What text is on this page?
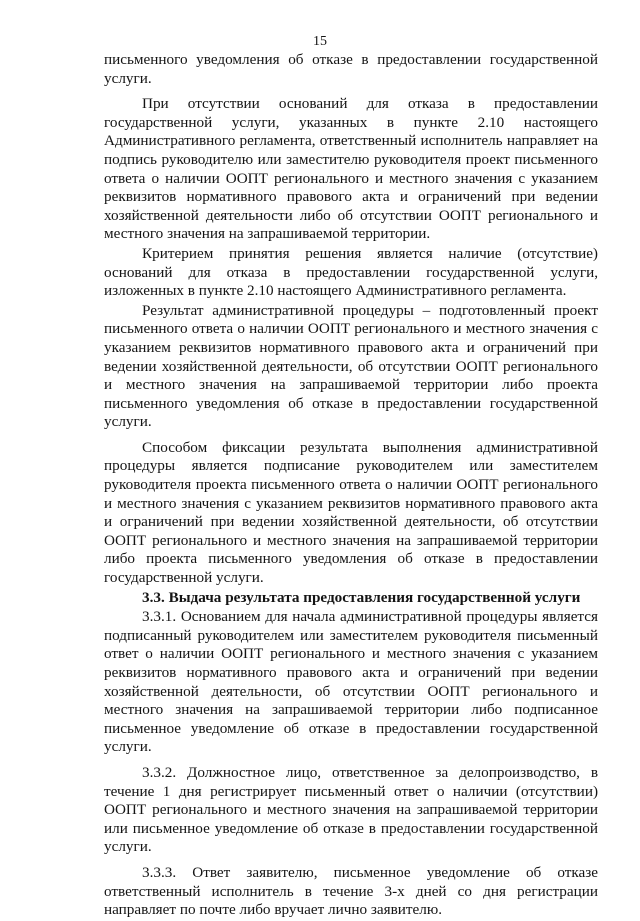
15

письменного уведомления об отказе в предоставлении государственной услуги.

При отсутствии оснований для отказа в предоставлении государственной услуги, указанных в пункте 2.10 настоящего Административного регламента, ответственный исполнитель направляет на подпись руководителю или заместителю руководителя проект письменного ответа о наличии ООПТ регионального и местного значения с указанием реквизитов нормативного правового акта и ограничений при ведении хозяйственной деятельности либо об отсутствии ООПТ регионального и местного значения на запрашиваемой территории.

Критерием принятия решения является наличие (отсутствие) оснований для отказа в предоставлении государственной услуги, изложенных в пункте 2.10 настоящего Административного регламента.

Результат административной процедуры – подготовленный проект письменного ответа о наличии ООПТ регионального и местного значения с указанием реквизитов нормативного правового акта и ограничений при ведении хозяйственной деятельности, об отсутствии ООПТ регионального и местного значения на запрашиваемой территории либо проекта письменного уведомления об отказе в предоставлении государственной услуги.

Способом фиксации результата выполнения административной процедуры является подписание руководителем или заместителем руководителя проекта письменного ответа о наличии ООПТ регионального и местного значения с указанием реквизитов нормативного правового акта и ограничений при ведении хозяйственной деятельности, об отсутствии ООПТ регионального и местного значения на запрашиваемой территории либо проекта письменного уведомления об отказе в предоставлении государственной услуги.

3.3. Выдача результата предоставления государственной услуги

3.3.1. Основанием для начала административной процедуры является подписанный руководителем или заместителем руководителя письменный ответ о наличии ООПТ регионального и местного значения с указанием реквизитов нормативного правового акта и ограничений при ведении хозяйственной деятельности, об отсутствии ООПТ регионального и местного значения на запрашиваемой территории либо подписанное письменное уведомление об отказе в предоставлении государственной услуги.

3.3.2. Должностное лицо, ответственное за делопроизводство, в течение 1 дня регистрирует письменный ответ о наличии (отсутствии) ООПТ регионального и местного значения на запрашиваемой территории или письменное уведомление об отказе в предоставлении государственной услуги.

3.3.3. Ответ заявителю, письменное уведомление об отказе ответственный исполнитель в течение 3-х дней со дня регистрации направляет по почте либо вручает лично заявителю.
